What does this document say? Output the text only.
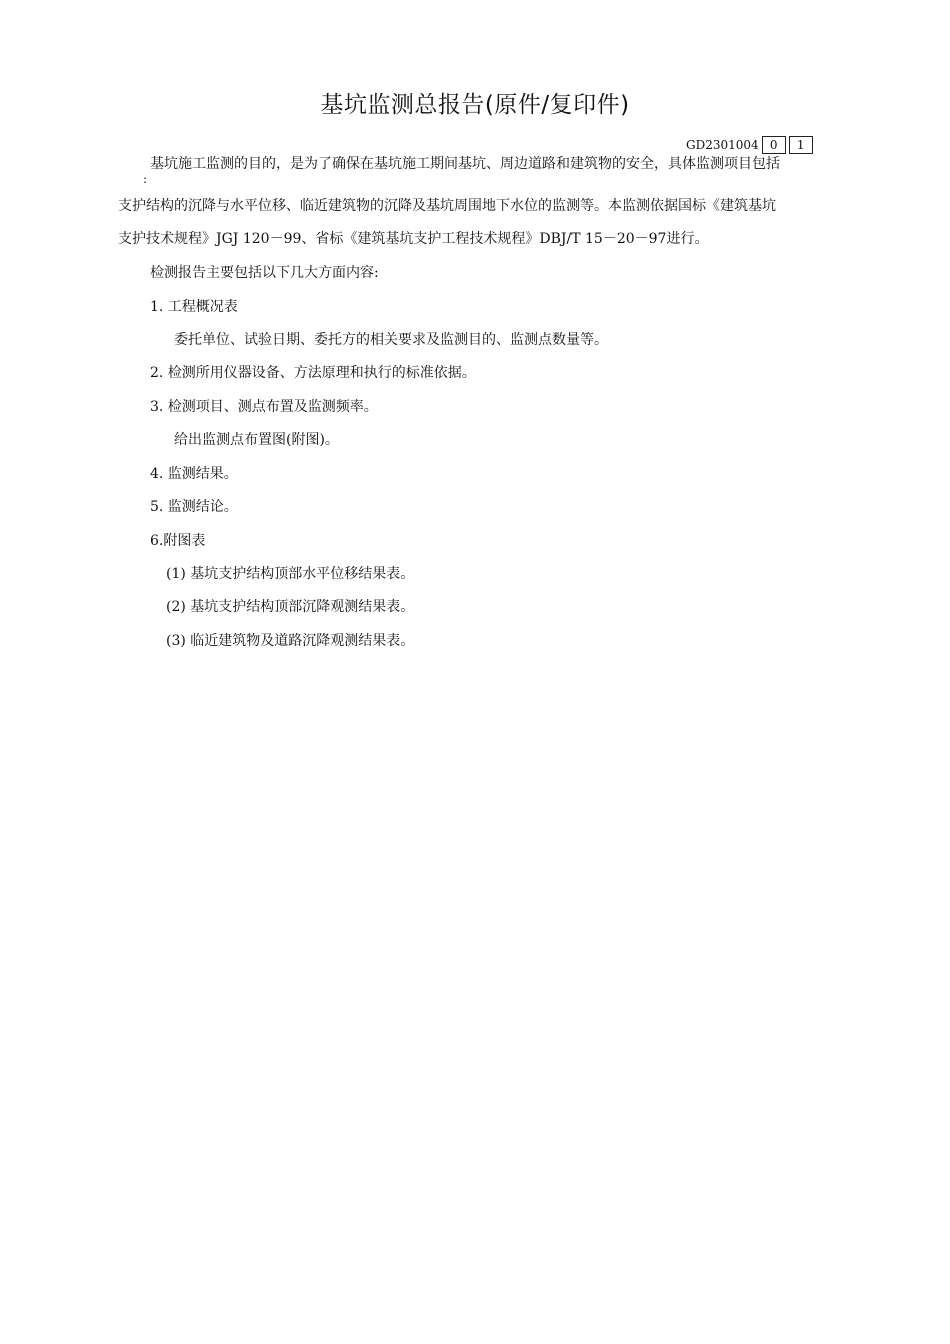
基坑监测总报告(原件/复印件)
GD2301004 0	1
基坑施工监测的目的，是为了确保在基坑施工期间基坑、周边道路和建筑物的安全，具体监测项目包括
:
支护结构的沉降与水平位移、临近建筑物的沉降及基坑周围地下水位的监测等。本监测依据国标《建筑基坑
支护技术规程》JGJ 120－99、省标《建筑基坑支护工程技术规程》DBJ/T 15－20－97进行。
检测报告主要包括以下几大方面内容:
1. 工程概况表
委托单位、试验日期、委托方的相关要求及监测目的、监测点数量等。
2. 检测所用仪器设备、方法原理和执行的标准依据。
3. 检测项目、测点布置及监测频率。
给出监测点布置图(附图)。
4. 监测结果。
5. 监测结论。
6.附图表
(1) 基坑支护结构顶部水平位移结果表。
(2) 基坑支护结构顶部沉降观测结果表。
(3) 临近建筑物及道路沉降观测结果表。
